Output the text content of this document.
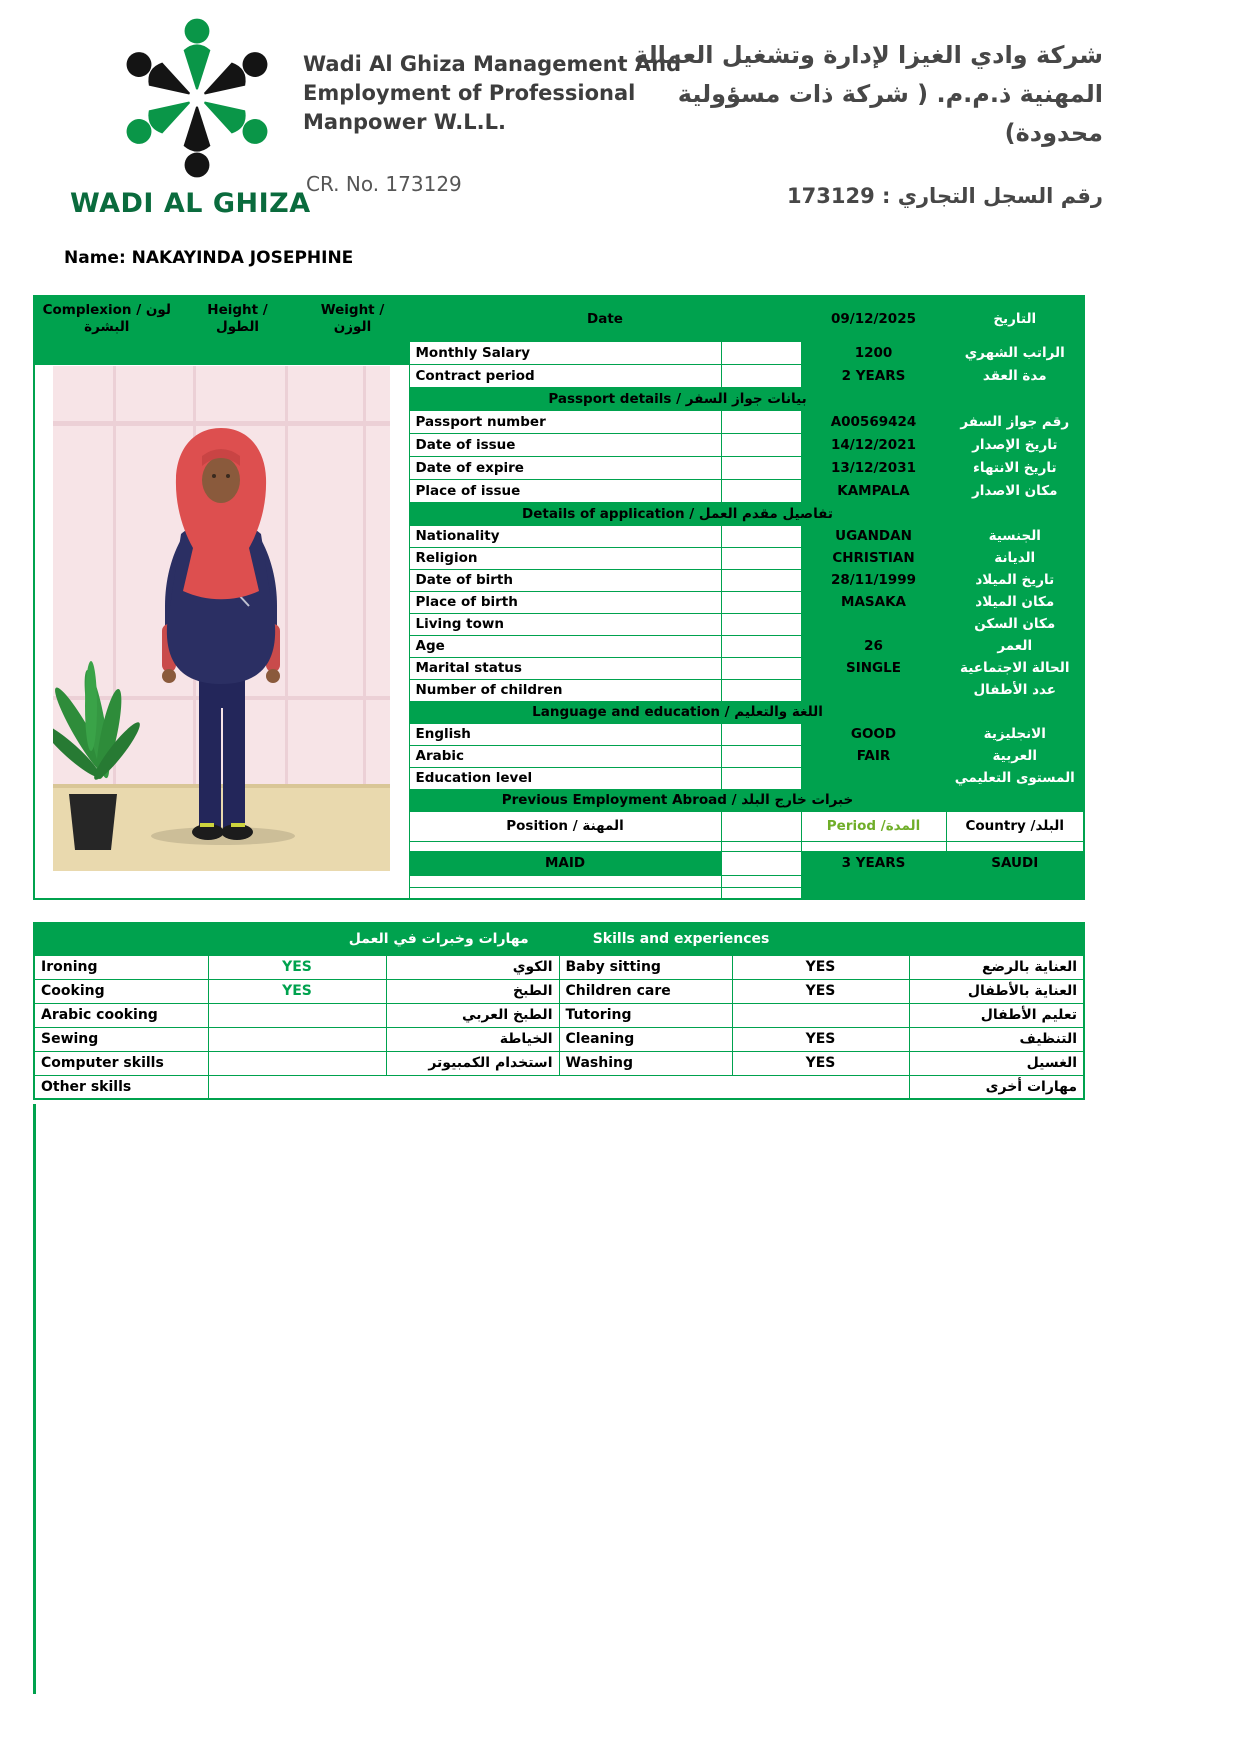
WADI AL GHIZA
Wadi Al Ghiza Management And
Employment of Professional
Manpower W.L.L.
CR. No. 173129
شركة وادي الغيزا لإدارة وتشغيل العمالة
المهنية ذ.م.م. ( شركة ذات مسؤولية
محدودة)
رقم السجل التجاري : 173129
Name: NAKAYINDA JOSEPHINE
Complexion / لون البشرة	Height / الطول	Weight /الوزن	Date		09/12/2025	التاريخ
			Monthly Salary		1200	الراتب الشهري
	Contract period		2 YEARS	مدة العقد
			Passport details / بيانات جواز السفر			
			Passport number		A00569424	رقم جواز السفر
			Date of issue		14/12/2021	تاريخ الإصدار
			Date of expire		13/12/2031	تاريخ الانتهاء
			Place of issue		KAMPALA	مكان الاصدار
			Details of application / تفاصيل مقدم العمل			
			Nationality		UGANDAN	الجنسية
			Religion		CHRISTIAN	الديانة
			Date of birth		28/11/1999	تاريخ الميلاد
			Place of birth		MASAKA	مكان الميلاد
			Living town			مكان السكن
			Age		26	العمر
			Marital status		SINGLE	الحالة الاجتماعية
			Number of children			عدد الأطفال
			Language and education / اللغة والتعليم			
			English		GOOD	الانجليزية
			Arabic		FAIR	العربية
			Education level			المستوى التعليمي
			Previous Employment Abroad / خبرات خارج البلد			
			Position / المهنة		Period /المدة	Country /البلد

			MAID		3 YEARS	SAUDI

مهارات وخبرات في العمل Skills and experiences					
Ironing	YES	الكوي	Baby sitting	YES	العناية بالرضع
Cooking	YES	الطبخ	Children care	YES	العناية بالأطفال
Arabic cooking		الطبخ العربي	Tutoring		تعليم الأطفال
Sewing		الخياطة	Cleaning	YES	التنظيف
Computer skills		استخدام الكمبيوتر	Washing	YES	الغسيل
Other skills					مهارات أخرى
